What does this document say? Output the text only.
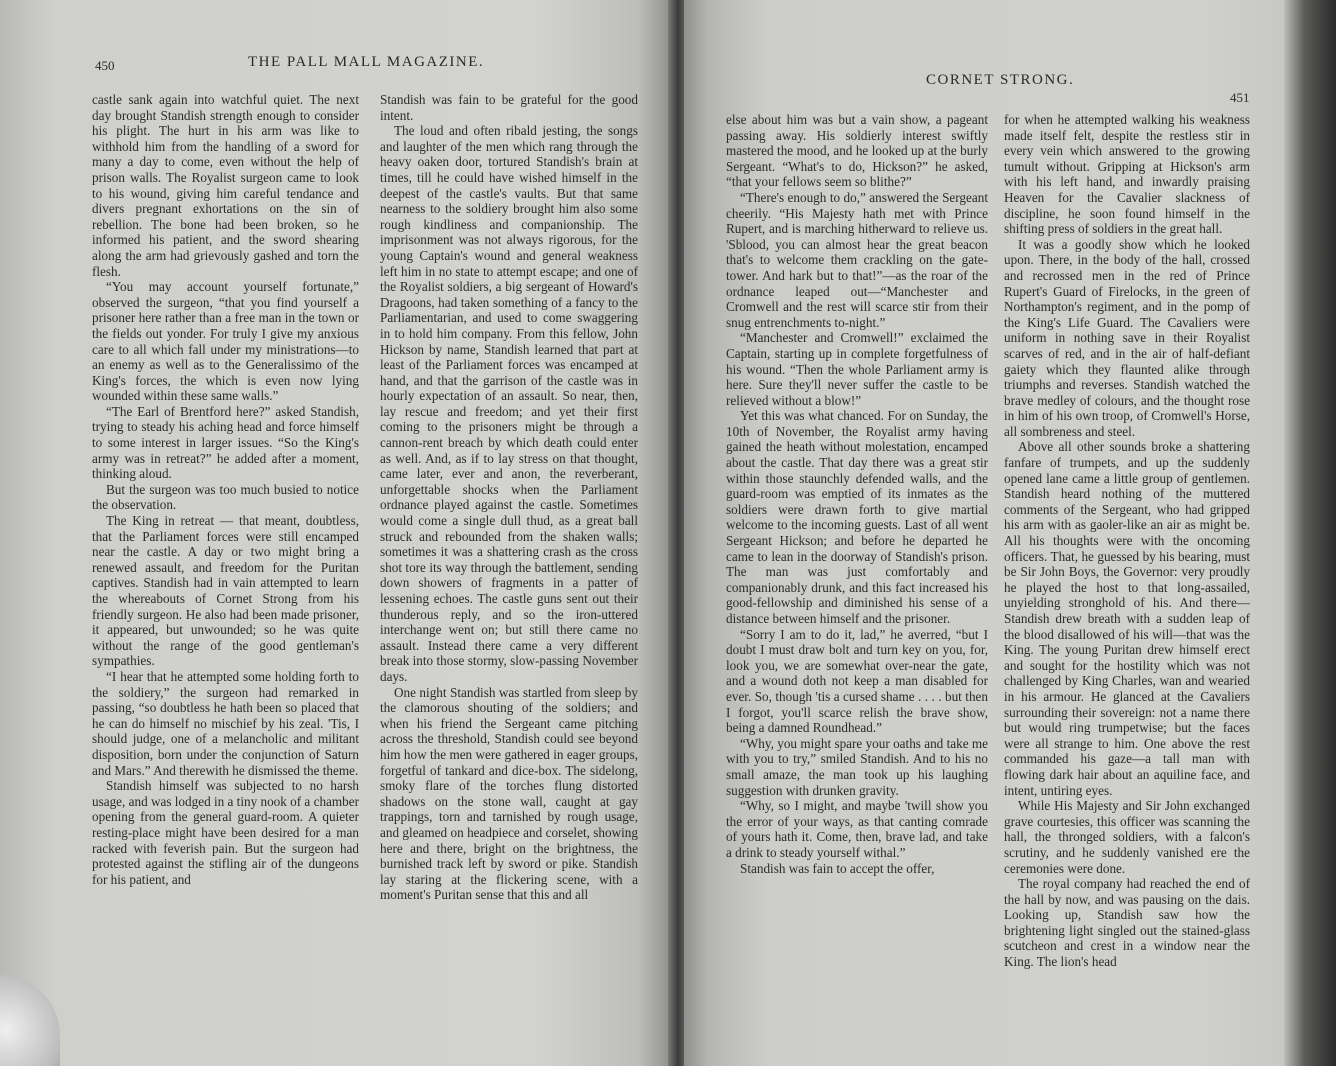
450	THE PALL MALL MAGAZINE.

castle sank again into watchful quiet. The next day brought Standish strength enough to consider his plight. The hurt in his arm was like to withhold him from the handling of a sword for many a day to come, even without the help of prison walls. The Royalist surgeon came to look to his wound, giving him careful tendance and divers pregnant exhortations on the sin of rebellion. The bone had been broken, so he informed his patient, and the sword shearing along the arm had grievously gashed and torn the flesh.

“You may account yourself fortunate,” observed the surgeon, “that you find yourself a prisoner here rather than a free man in the town or the fields out yonder. For truly I give my anxious care to all which fall under my ministrations—to an enemy as well as to the Generalissimo of the King's forces, the which is even now lying wounded within these same walls.”

“The Earl of Brentford here?” asked Standish, trying to steady his aching head and force himself to some interest in larger issues. “So the King's army was in retreat?” he added after a moment, thinking aloud.

But the surgeon was too much busied to notice the observation.

The King in retreat — that meant, doubtless, that the Parliament forces were still encamped near the castle. A day or two might bring a renewed assault, and freedom for the Puritan captives. Standish had in vain attempted to learn the whereabouts of Cornet Strong from his friendly surgeon. He also had been made prisoner, it appeared, but unwounded; so he was quite without the range of the good gentleman's sympathies.

“I hear that he attempted some holding forth to the soldiery,” the surgeon had remarked in passing, “so doubtless he hath been so placed that he can do himself no mischief by his zeal. 'Tis, I should judge, one of a melancholic and militant disposition, born under the conjunction of Saturn and Mars.” And therewith he dismissed the theme.

Standish himself was subjected to no harsh usage, and was lodged in a tiny nook of a chamber opening from the general guard-room. A quieter resting-place might have been desired for a man racked with feverish pain. But the surgeon had protested against the stifling air of the dungeons for his patient, and

Standish was fain to be grateful for the good intent.

The loud and often ribald jesting, the songs and laughter of the men which rang through the heavy oaken door, tortured Standish's brain at times, till he could have wished himself in the deepest of the castle's vaults. But that same nearness to the soldiery brought him also some rough kindliness and companionship. The imprisonment was not always rigorous, for the young Captain's wound and general weakness left him in no state to attempt escape; and one of the Royalist soldiers, a big sergeant of Howard's Dragoons, had taken something of a fancy to the Parliamentarian, and used to come swaggering in to hold him company. From this fellow, John Hickson by name, Standish learned that part at least of the Parliament forces was encamped at hand, and that the garrison of the castle was in hourly expectation of an assault. So near, then, lay rescue and freedom; and yet their first coming to the prisoners might be through a cannon-rent breach by which death could enter as well. And, as if to lay stress on that thought, came later, ever and anon, the reverberant, unforgettable shocks when the Parliament ordnance played against the castle. Sometimes would come a single dull thud, as a great ball struck and rebounded from the shaken walls; sometimes it was a shattering crash as the cross shot tore its way through the battlement, sending down showers of fragments in a patter of lessening echoes. The castle guns sent out their thunderous reply, and so the iron-uttered interchange went on; but still there came no assault. Instead there came a very different break into those stormy, slow-passing November days.

One night Standish was startled from sleep by the clamorous shouting of the soldiers; and when his friend the Sergeant came pitching across the threshold, Standish could see beyond him how the men were gathered in eager groups, forgetful of tankard and dice-box. The sidelong, smoky flare of the torches flung distorted shadows on the stone wall, caught at gay trappings, torn and tarnished by rough usage, and gleamed on headpiece and corselet, showing here and there, bright on the brightness, the burnished track left by sword or pike. Standish lay staring at the flickering scene, with a moment's Puritan sense that this and all

CORNET STRONG.
451

else about him was but a vain show, a pageant passing away. His soldierly interest swiftly mastered the mood, and he looked up at the burly Sergeant. “What's to do, Hickson?” he asked, “that your fellows seem so blithe?”

“There's enough to do,” answered the Sergeant cheerily. “His Majesty hath met with Prince Rupert, and is marching hitherward to relieve us. 'Sblood, you can almost hear the great beacon that's to welcome them crackling on the gate-tower. And hark but to that!”—as the roar of the ordnance leaped out—“Manchester and Cromwell and the rest will scarce stir from their snug entrenchments to-night.”

“Manchester and Cromwell!” exclaimed the Captain, starting up in complete forgetfulness of his wound. “Then the whole Parliament army is here. Sure they'll never suffer the castle to be relieved without a blow!”

Yet this was what chanced. For on Sunday, the 10th of November, the Royalist army having gained the heath without molestation, encamped about the castle. That day there was a great stir within those staunchly defended walls, and the guard-room was emptied of its inmates as the soldiers were drawn forth to give martial welcome to the incoming guests. Last of all went Sergeant Hickson; and before he departed he came to lean in the doorway of Standish's prison. The man was just comfortably and companionably drunk, and this fact increased his good-fellowship and diminished his sense of a distance between himself and the prisoner.

“Sorry I am to do it, lad,” he averred, “but I doubt I must draw bolt and turn key on you, for, look you, we are somewhat over-near the gate, and a wound doth not keep a man disabled for ever. So, though 'tis a cursed shame . . . . but then I forgot, you'll scarce relish the brave show, being a damned Roundhead.”

“Why, you might spare your oaths and take me with you to try,” smiled Standish. And to his no small amaze, the man took up his laughing suggestion with drunken gravity.

“Why, so I might, and maybe 'twill show you the error of your ways, as that canting comrade of yours hath it. Come, then, brave lad, and take a drink to steady yourself withal.”

Standish was fain to accept the offer,

for when he attempted walking his weakness made itself felt, despite the restless stir in every vein which answered to the growing tumult without. Gripping at Hickson's arm with his left hand, and inwardly praising Heaven for the Cavalier slackness of discipline, he soon found himself in the shifting press of soldiers in the great hall.

It was a goodly show which he looked upon. There, in the body of the hall, crossed and recrossed men in the red of Prince Rupert's Guard of Firelocks, in the green of Northampton's regiment, and in the pomp of the King's Life Guard. The Cavaliers were uniform in nothing save in their Royalist scarves of red, and in the air of half-defiant gaiety which they flaunted alike through triumphs and reverses. Standish watched the brave medley of colours, and the thought rose in him of his own troop, of Cromwell's Horse, all sombreness and steel.

Above all other sounds broke a shattering fanfare of trumpets, and up the suddenly opened lane came a little group of gentlemen. Standish heard nothing of the muttered comments of the Sergeant, who had gripped his arm with as gaoler-like an air as might be. All his thoughts were with the oncoming officers. That, he guessed by his bearing, must be Sir John Boys, the Governor: very proudly he played the host to that long-assailed, unyielding stronghold of his. And there—Standish drew breath with a sudden leap of the blood disallowed of his will—that was the King. The young Puritan drew himself erect and sought for the hostility which was not challenged by King Charles, wan and wearied in his armour. He glanced at the Cavaliers surrounding their sovereign: not a name there but would ring trumpetwise; but the faces were all strange to him. One above the rest commanded his gaze—a tall man with flowing dark hair about an aquiline face, and intent, untiring eyes.

While His Majesty and Sir John exchanged grave courtesies, this officer was scanning the hall, the thronged soldiers, with a falcon's scrutiny, and he suddenly vanished ere the ceremonies were done.

The royal company had reached the end of the hall by now, and was pausing on the dais. Looking up, Standish saw how the brightening light singled out the stained-glass scutcheon and crest in a window near the King. The lion's head
